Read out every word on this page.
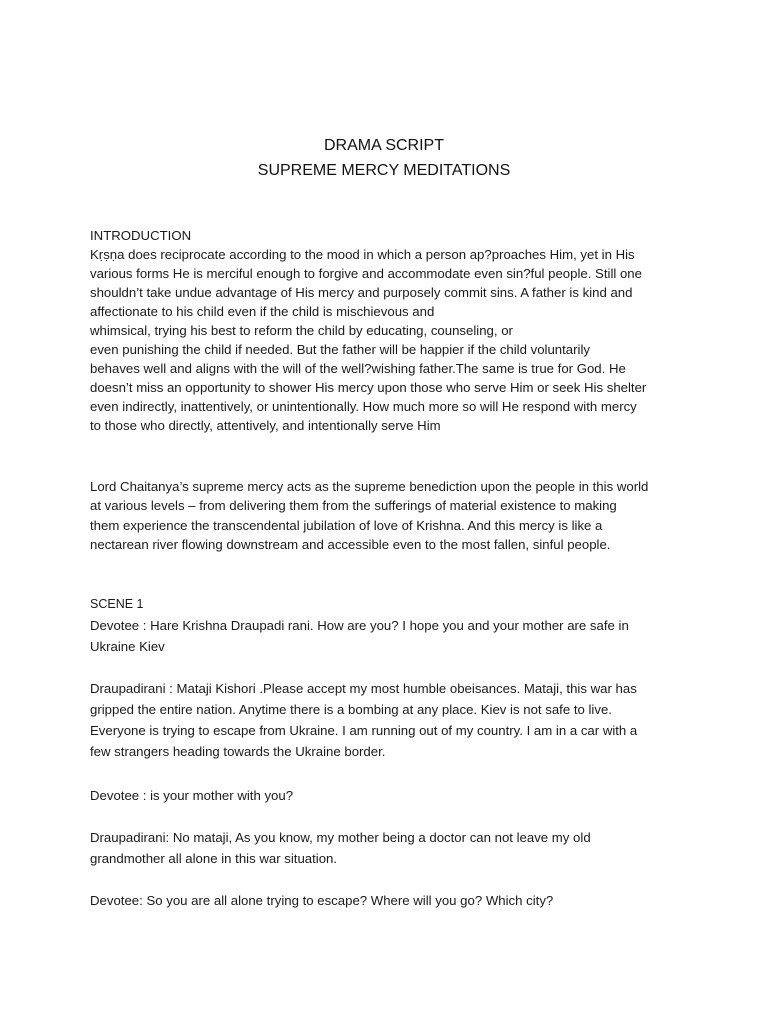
DRAMA SCRIPT
SUPREME MERCY MEDITATIONS
INTRODUCTION
Kṛṣṇa does reciprocate according to the mood in which a person ap?proaches Him, yet in His
various forms He is merciful enough to forgive and accommodate even sin?ful people. Still one
shouldn’t take undue advantage of His mercy and purposely commit sins. A father is kind and
affectionate to his child even if the child is mischievous and
whimsical, trying his best to reform the child by educating, counseling, or
even punishing the child if needed. But the father will be happier if the child voluntarily
behaves well and aligns with the will of the well?wishing father.The same is true for God. He
doesn’t miss an opportunity to shower His mercy upon those who serve Him or seek His shelter
even indirectly, inattentively, or unintentionally. How much more so will He respond with mercy
to those who directly, attentively, and intentionally serve Him
Lord Chaitanya’s supreme mercy acts as the supreme benediction upon the people in this world
at various levels – from delivering them from the sufferings of material existence to making
them experience the transcendental jubilation of love of Krishna. And this mercy is like a
nectarean river flowing downstream and accessible even to the most fallen, sinful people.
SCENE 1
Devotee : Hare Krishna Draupadi rani. How are you? I hope you and your mother are safe in
Ukraine Kiev
Draupadirani : Mataji Kishori .Please accept my most humble obeisances. Mataji, this war has
gripped the entire nation. Anytime there is a bombing at any place. Kiev is not safe to live.
Everyone is trying to escape from Ukraine. I am running out of my country. I am in a car with a
few strangers heading towards the Ukraine border.
Devotee : is your mother with you?
Draupadirani: No mataji, As you know, my mother being a doctor can not leave my old
grandmother all alone in this war situation.
Devotee: So you are all alone trying to escape? Where will you go? Which city?
